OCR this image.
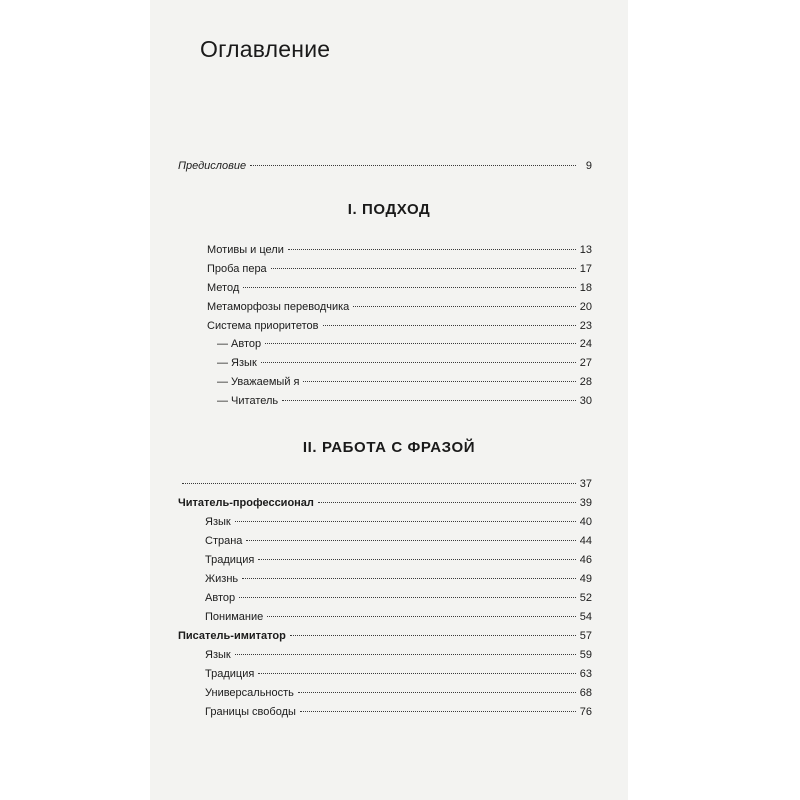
Оглавление
Предисловие	9
I. ПОДХОД
Мотивы и цели	13
Проба пера	17
Метод	18
Метаморфозы переводчика	20
Система приоритетов	23
— Автор	24
— Язык	27
— Уважаемый я	28
— Читатель	30
II. РАБОТА С ФРАЗОЙ
37
Читатель-профессионал	39
Язык	40
Страна	44
Традиция	46
Жизнь	49
Автор	52
Понимание	54
Писатель-имитатор	57
Язык	59
Традиция	63
Универсальность	68
Границы свободы	76
